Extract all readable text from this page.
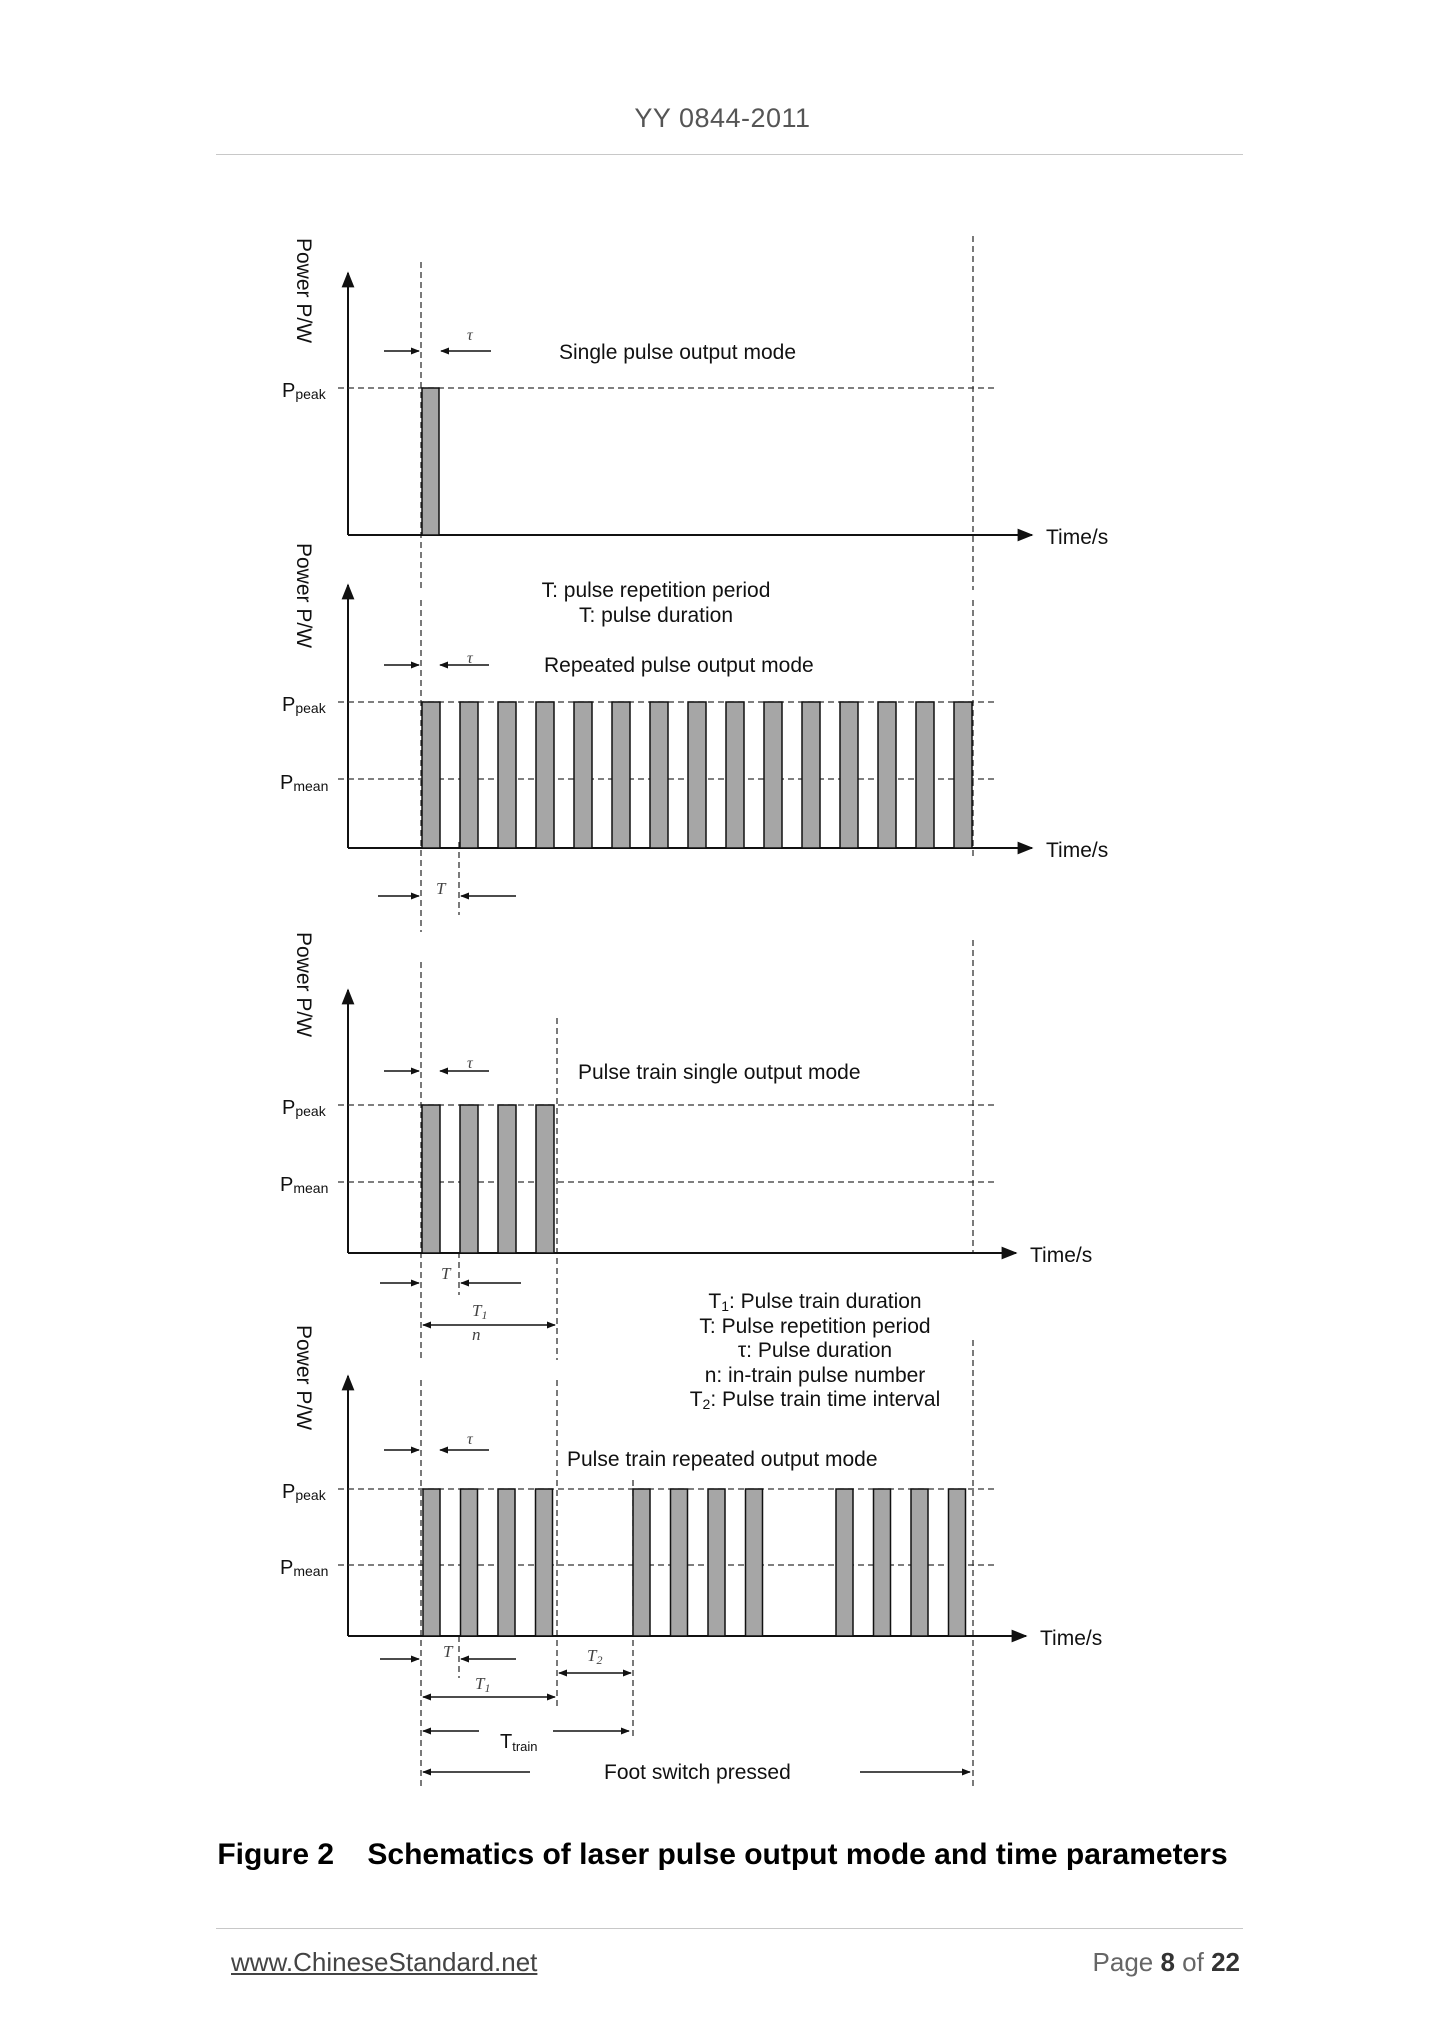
YY 0844-2011
Power P/W
Time/s
Ppeak
τ
Single pulse output mode
Power P/W
Time/s
Ppeak
Pmean
τ
T: pulse repetition period
T: pulse duration
Repeated pulse output mode
T
Power P/W
Time/s
Ppeak
Pmean
τ	Pulse train single output mode
T
T1
n
T1: Pulse train duration
T: Pulse repetition period
τ: Pulse duration
n: in-train pulse number
T2: Pulse train time interval
Power P/W
Time/s
Ppeak
Pmean
τ
Pulse train repeated output mode
T	T2
T1
Ttrain
Foot switch pressed
Figure 2    Schematics of laser pulse output mode and time parameters
www.ChineseStandard.net	Page 8 of 22
